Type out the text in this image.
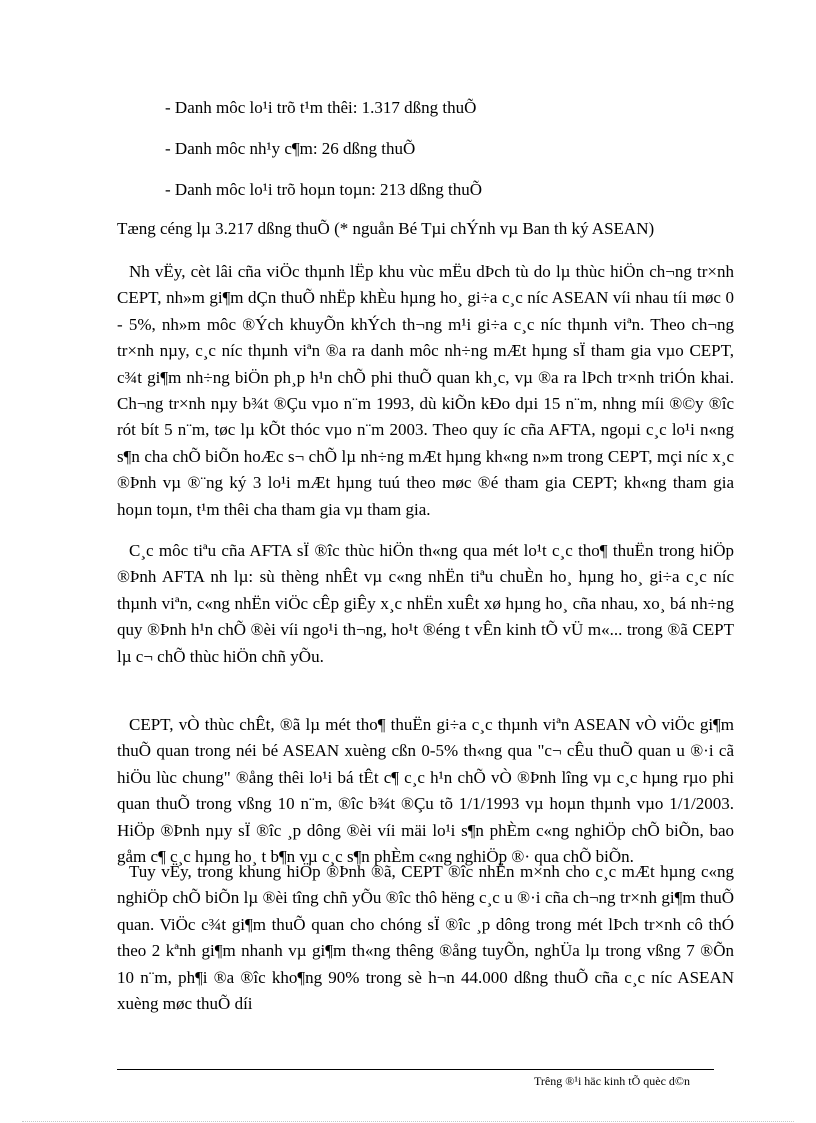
- Danh môc lo¹i trõ t¹m thêi: 1.317 dßng thuÕ
- Danh môc nh¹y c¶m: 26 dßng thuÕ
- Danh môc lo¹i trõ hoµn toµn: 213 dßng thuÕ
Tæng céng lµ 3.217 dßng thuÕ (* nguån Bé Tµi chÝnh vµ Ban th ký ASEAN)

Nh vËy, cèt lâi cña viÖc thµnh lËp khu vùc mËu dÞch tù do lµ thùc hiÖn ch¬ng tr×nh CEPT, nh»m gi¶m dÇn thuÕ nhËp khÈu hµng ho¸ gi÷a c¸c níc ASEAN víi nhau tíi møc 0 - 5%, nh»m môc ®Ých khuyÕn khÝch th¬ng m¹i gi÷a c¸c níc thµnh viªn. Theo ch¬ng tr×nh nµy, c¸c níc thµnh viªn ®a ra danh môc nh÷ng mÆt hµng sÏ tham gia vµo CEPT, c¾t gi¶m nh÷ng biÖn ph¸p h¹n chÕ phi thuÕ quan kh¸c, vµ ®a ra lÞch tr×nh triÓn khai. Ch¬ng tr×nh nµy b¾t ®Çu vµo n¨m 1993, dù kiÕn kÐo dµi 15 n¨m, nhng míi ®©y ®îc rót bít 5 n¨m, tøc lµ kÕt thóc vµo n¨m 2003. Theo quy íc cña AFTA, ngoµi c¸c lo¹i n«ng s¶n cha chÕ biÕn hoÆc s¬ chÕ lµ nh÷ng mÆt hµng kh«ng n»m trong CEPT, mçi níc x¸c ®Þnh vµ ®¨ng ký 3 lo¹i mÆt hµng tuú theo møc ®é tham gia CEPT; kh«ng tham gia hoµn toµn, t¹m thêi cha tham gia vµ tham gia.

C¸c môc tiªu cña AFTA sÏ ®îc thùc hiÖn th«ng qua mét lo¹t c¸c tho¶ thuËn trong hiÖp ®Þnh AFTA nh lµ: sù thèng nhÊt vµ c«ng nhËn tiªu chuÈn ho¸ hµng ho¸ gi÷a c¸c níc thµnh viªn, c«ng nhËn viÖc cÊp giÊy x¸c nhËn xuÊt xø hµng ho¸ cña nhau, xo¸ bá nh÷ng quy ®Þnh h¹n chÕ ®èi víi ngo¹i th¬ng, ho¹t ®éng t vÊn kinh tÕ vÜ m«... trong ®ã CEPT lµ c¬ chÕ thùc hiÖn chñ yÕu.

CEPT, vÒ thùc chÊt, ®ã lµ mét tho¶ thuËn gi÷a c¸c thµnh viªn ASEAN vÒ viÖc gi¶m thuÕ quan trong néi bé ASEAN xuèng cßn 0-5% th«ng qua "c¬ cÊu thuÕ quan u ®·i cã hiÖu lùc chung" ®ång thêi lo¹i bá tÊt c¶ c¸c h¹n chÕ vÒ ®Þnh lîng vµ c¸c hµng rµo phi quan thuÕ trong vßng 10 n¨m, ®îc b¾t ®Çu tõ 1/1/1993 vµ hoµn thµnh vµo 1/1/2003. HiÖp ®Þnh nµy sÏ ®îc ¸p dông ®èi víi mäi lo¹i s¶n phÈm c«ng nghiÖp chÕ biÕn, bao gåm c¶ c¸c hµng ho¸ t b¶n vµ c¸c s¶n phÈm c«ng nghiÖp ®· qua chÕ biÕn.

Tuy vËy, trong khung hiÖp ®Þnh ®ã, CEPT ®îc nhËn m×nh cho c¸c mÆt hµng c«ng nghiÖp chÕ biÕn lµ ®èi tîng chñ yÕu ®îc thô hëng c¸c u ®·i cña ch¬ng tr×nh gi¶m thuÕ quan. ViÖc c¾t gi¶m thuÕ quan cho chóng sÏ ®îc ¸p dông trong mét lÞch tr×nh cô thÓ theo 2 kªnh gi¶m nhanh vµ gi¶m th«ng thêng ®ång tuyÕn, nghÜa lµ trong vßng 7 ®Õn 10 n¨m, ph¶i ®a ®îc kho¶ng 90% trong sè h¬n 44.000 dßng thuÕ cña c¸c níc ASEAN xuèng møc thuÕ díi

Trêng ®¹i häc kinh tÕ quèc d©n
